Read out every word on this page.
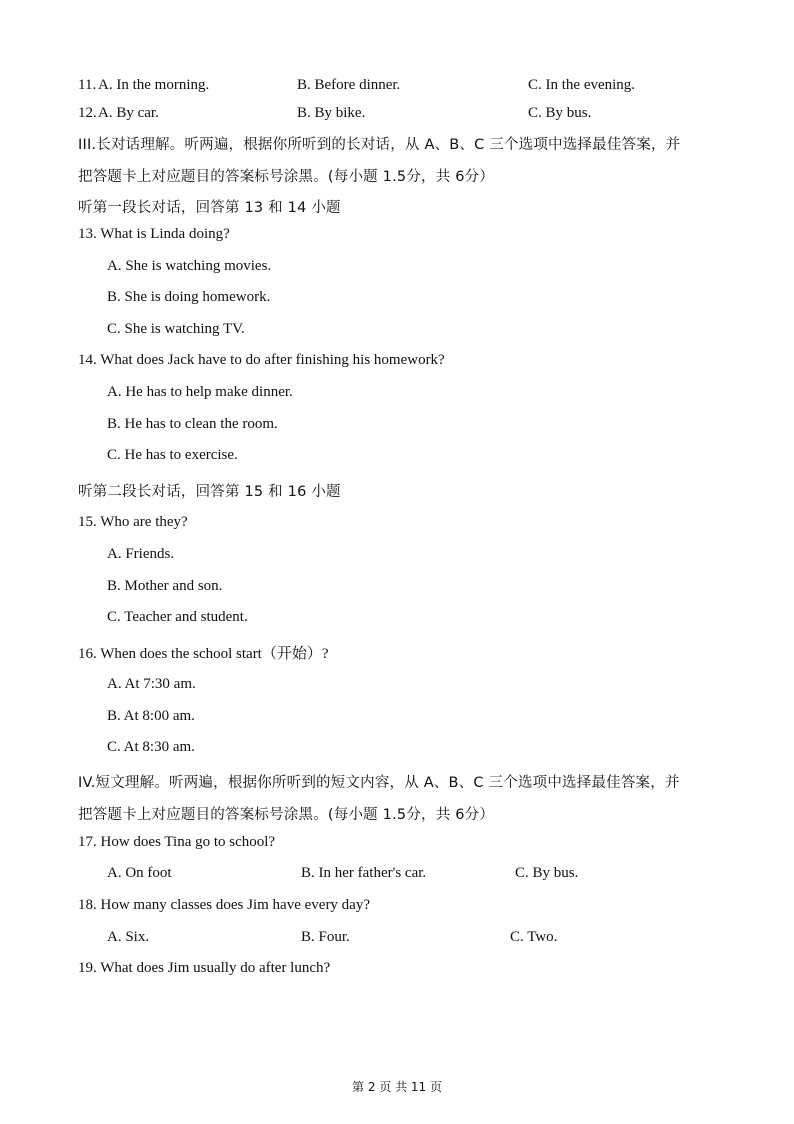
11. A. In the morning.	B. Before dinner.	C. In the evening.
12. A. By car.	B. By bike.	C. By bus.
III.长对话理解。听两遍，根据你所听到的长对话，从 A、B、C 三个选项中选择最佳答案，并
把答题卡上对应题目的答案标号涂黑。(每小题 1.5分，共 6分）
听第一段长对话，回答第 13 和 14 小题
13. What is Linda doing?
A. She is watching movies.
B. She is doing homework.
C. She is watching TV.
14. What does Jack have to do after finishing his homework?
A. He has to help make dinner.
B. He has to clean the room.
C. He has to exercise.
听第二段长对话，回答第 15 和 16 小题
15. Who are they?
A. Friends.
B. Mother and son.
C. Teacher and student.
16. When does the school start（开始）?
A. At 7:30 am.
B. At 8:00 am.
C. At 8:30 am.
IV.短文理解。听两遍，根据你所听到的短文内容，从 A、B、C 三个选项中选择最佳答案，并
把答题卡上对应题目的答案标号涂黑。(每小题 1.5分，共 6分）
17. How does Tina go to school?
A. On foot	B. In her father's car.	C. By bus.
18. How many classes does Jim have every day?
A. Six.	B. Four.	C. Two.
19. What does Jim usually do after lunch?
第 2 页 共 11 页
